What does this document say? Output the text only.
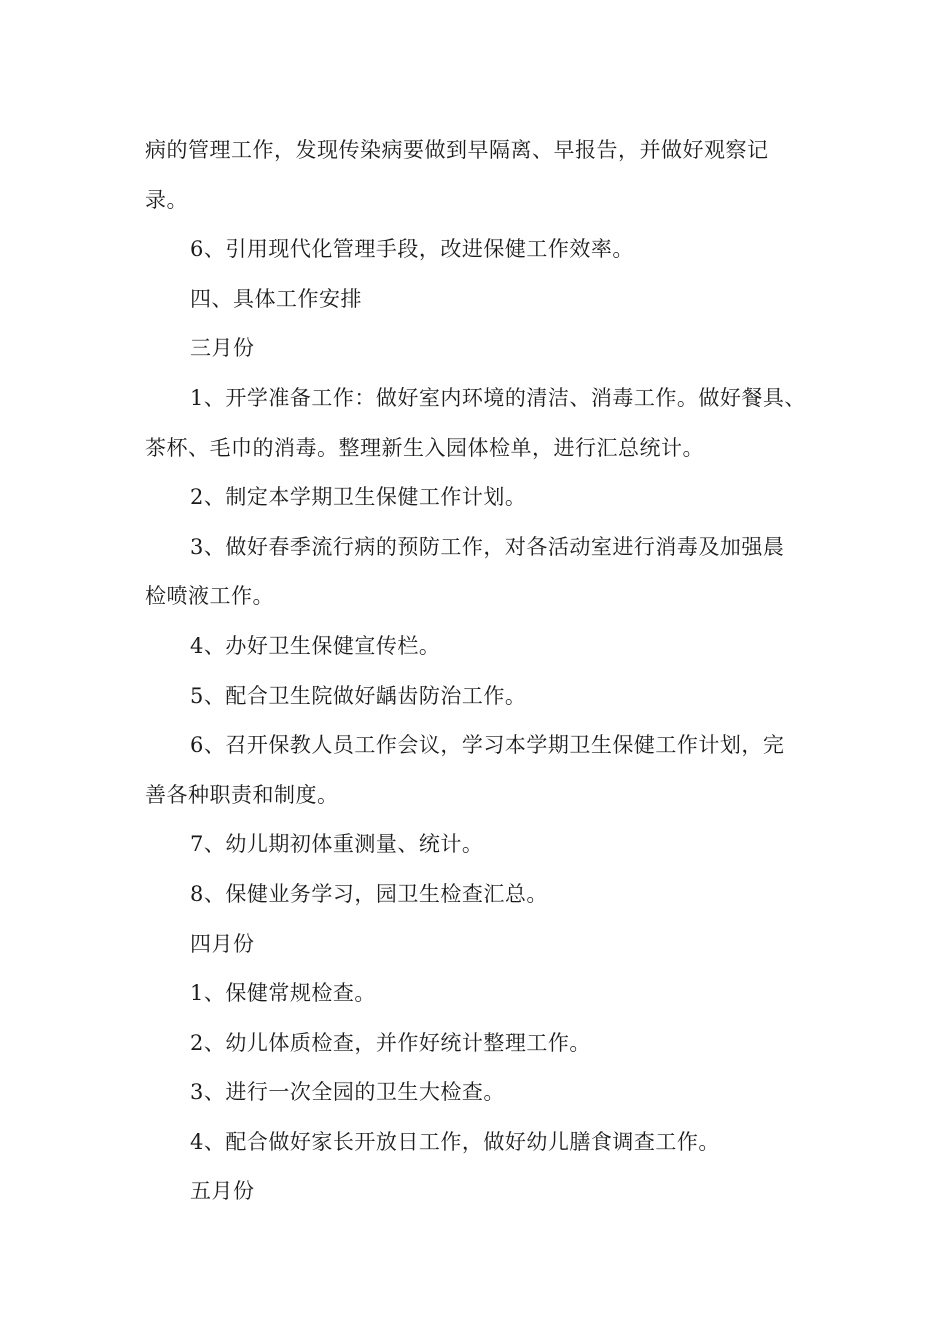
病的管理工作，发现传染病要做到早隔离、早报告，并做好观察记
录。
6、引用现代化管理手段，改进保健工作效率。
四、具体工作安排
三月份
1、开学准备工作：做好室内环境的清洁、消毒工作。做好餐具、
茶杯、毛巾的消毒。整理新生入园体检单，进行汇总统计。
2、制定本学期卫生保健工作计划。
3、做好春季流行病的预防工作，对各活动室进行消毒及加强晨
检喷液工作。
4、办好卫生保健宣传栏。
5、配合卫生院做好龋齿防治工作。
6、召开保教人员工作会议，学习本学期卫生保健工作计划，完
善各种职责和制度。
7、幼儿期初体重测量、统计。
8、保健业务学习，园卫生检查汇总。
四月份
1、保健常规检查。
2、幼儿体质检查，并作好统计整理工作。
3、进行一次全园的卫生大检查。
4、配合做好家长开放日工作，做好幼儿膳食调查工作。
五月份
